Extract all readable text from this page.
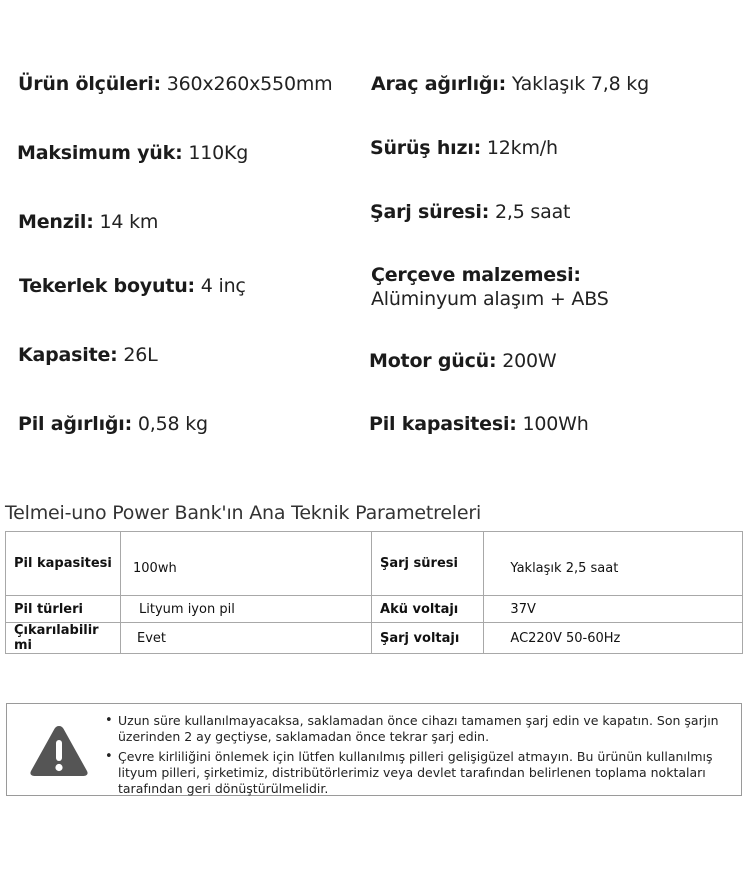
Ürün ölçüleri: 360x260x550mm Araç ağırlığı: Yaklaşık 7,8 kg
Maksimum yük: 110Kg	Sürüş hızı: 12km/h
Menzil: 14 km	Şarj süresi: 2,5 saat
Tekerlek boyutu: 4 inç	Çerçeve malzemesi:
Alüminyum alaşım + ABS
Kapasite: 26L	Motor gücü: 200W
Pil ağırlığı: 0,58 kg	Pil kapasitesi: 100Wh
Telmei-uno Power Bank'ın Ana Teknik Parametreleri
Pil kapasitesi	100wh	Şarj süresi	Yaklaşık 2,5 saat
Pil türleri	Lityum iyon pil	Akü voltajı	37V
Çıkarılabilir mi	Evet	Şarj voltajı	AC220V 50-60Hz
• Uzun süre kullanılmayacaksa, saklamadan önce cihazı tamamen şarj edin ve kapatın. Son şarjın üzerinden 2 ay geçtiyse, saklamadan önce tekrar şarj edin.
• Çevre kirliliğini önlemek için lütfen kullanılmış pilleri gelişigüzel atmayın. Bu ürünün kullanılmış lityum pilleri, şirketimiz, distribütörlerimiz veya devlet tarafından belirlenen toplama noktaları tarafından geri dönüştürülmelidir.
